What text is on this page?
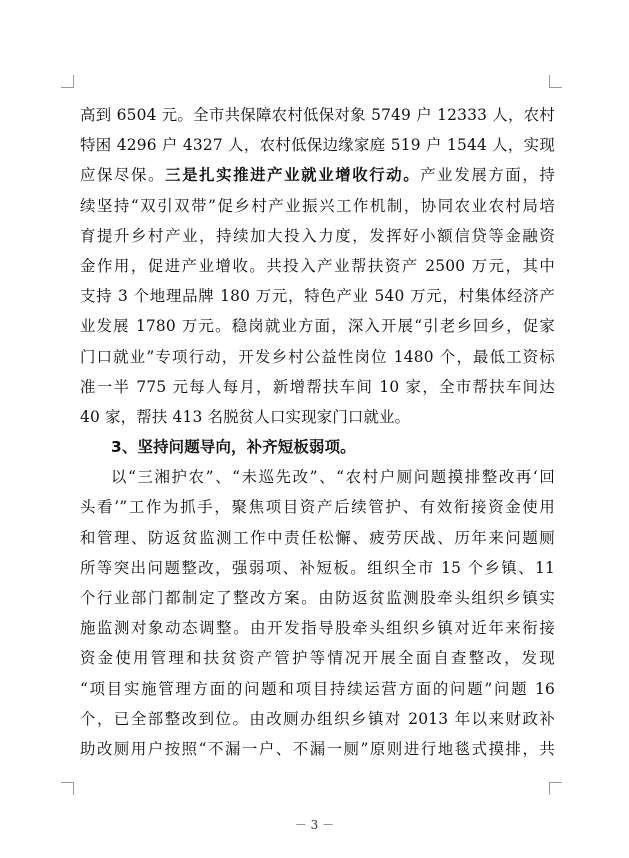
高到 6504 元。全市共保障农村低保对象 5749 户 12333 人，农村
特困 4296 户 4327 人，农村低保边缘家庭 519 户 1544 人，实现
应保尽保。三是扎实推进产业就业增收行动。产业发展方面，持
续坚持“双引双带”促乡村产业振兴工作机制，协同农业农村局培
育提升乡村产业，持续加大投入力度，发挥好小额信贷等金融资
金作用，促进产业增收。共投入产业帮扶资产 2500 万元，其中
支持 3 个地理品牌 180 万元，特色产业 540 万元，村集体经济产
业发展 1780 万元。稳岗就业方面，深入开展“引老乡回乡，促家
门口就业”专项行动，开发乡村公益性岗位 1480 个，最低工资标
准一半 775 元每人每月，新增帮扶车间 10 家，全市帮扶车间达
40 家，帮扶 413 名脱贫人口实现家门口就业。
3、坚持问题导向，补齐短板弱项。
以“三湘护农”、“未巡先改”、“农村户厕问题摸排整改再‘回
头看’”工作为抓手，聚焦项目资产后续管护、有效衔接资金使用
和管理、防返贫监测工作中责任松懈、疲劳厌战、历年来问题厕
所等突出问题整改，强弱项、补短板。组织全市 15 个乡镇、11
个行业部门都制定了整改方案。由防返贫监测股牵头组织乡镇实
施监测对象动态调整。由开发指导股牵头组织乡镇对近年来衔接
资金使用管理和扶贫资产管护等情况开展全面自查整改，发现
“项目实施管理方面的问题和项目持续运营方面的问题”问题 16
个，已全部整改到位。由改厕办组织乡镇对 2013 年以来财政补
助改厕用户按照“不漏一户、不漏一厕”原则进行地毯式摸排，共
－ 3 －
